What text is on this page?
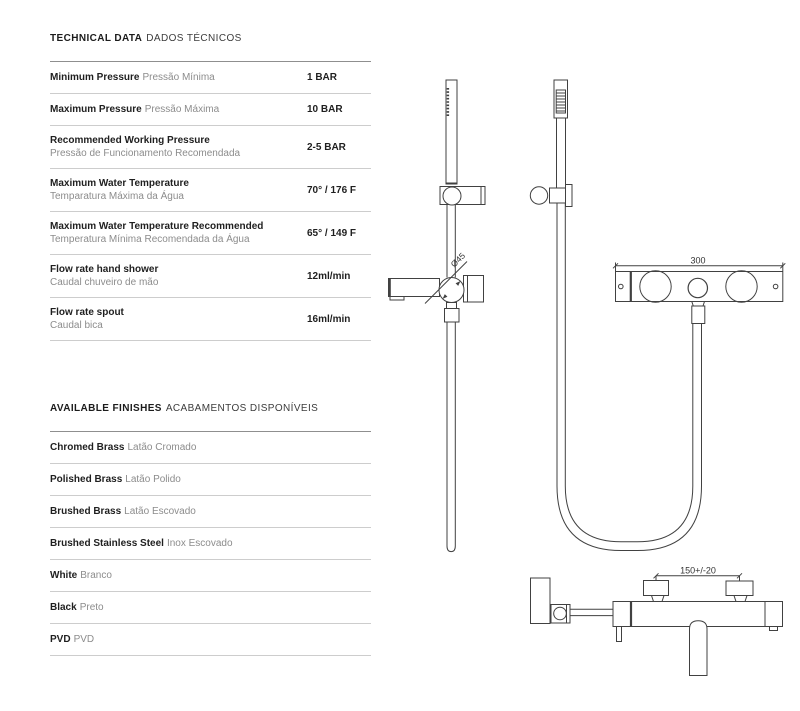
TECHNICAL DATA DADOS TÉCNICOS
Minimum Pressure Pressão Mínima	1 BAR
Maximum Pressure Pressão Máxima	10 BAR
Recommended Working Pressure
Pressão de Funcionamento Recomendada
2-5 BAR
Maximum Water Temperature
Temparatura Máxima da Água
70° / 176 F
Maximum Water Temperature Recommended
Temperatura Mínima Recomendada da Água
65° / 149 F
Flow rate hand shower
Caudal chuveiro de mão
12ml/min
Flow rate spout
Caudal bica
16ml/min
AVAILABLE FINISHES ACABAMENTOS DISPONÍVEIS
Chromed Brass Latão Cromado
Polished Brass Latão Polido
Brushed Brass Latão Escovado
Brushed Stainless Steel Inox Escovado
White Branco
Black Preto
PVD PVD
Ø45	300
150+/-20
